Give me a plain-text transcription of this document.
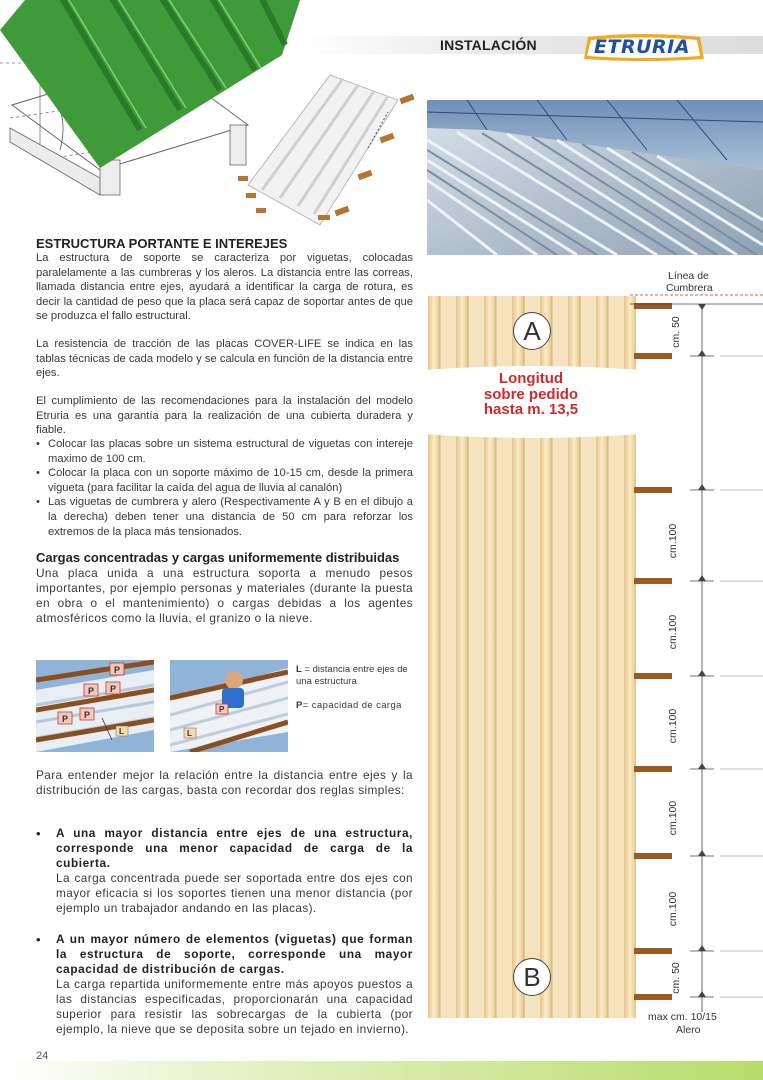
INSTALACIÓN	ETRURIA
ESTRUCTURA PORTANTE E INTEREJES
La estructura de soporte se caracteriza por viguetas, colocadas paralelamente a las cumbreras y los aleros. La distancia entre las correas, llamada distancia entre ejes, ayudará a identificar la carga de rotura, es decir la cantidad de peso que la placa será capaz de soportar antes de que se produzca el fallo estructural.
La resistencia de tracción de las placas COVER-LIFE se indica en las tablas técnicas de cada modelo y se calcula en función de la distancia entre ejes.
El cumplimiento de las recomendaciones para la instalación del modelo Etruria es una garantía para la realización de una cubierta duradera y fiable.
• Colocar las placas sobre un sistema estructural de viguetas con intereje maximo de 100 cm.
• Colocar la placa con un soporte máximo de 10-15 cm, desde la primera vigueta (para facilitar la caída del agua de lluvia al canalón)
• Las viguetas de cumbrera y alero (Respectivamente A y B en el dibujo a la derecha) deben tener una distancia de 50 cm para reforzar los extremos de la placa más tensionados.
Cargas concentradas y cargas uniformemente distribuidas
Una placa unida a una estructura soporta a menudo pesos importantes, por ejemplo personas y materiales (durante la puesta en obra o el mantenimiento) o cargas debidas a los agentes atmosféricos como la lluvia, el granizo o la nieve.
P
P P
P P
L
P
L
L = distancia entre ejes de una estructura
P= capacidad de carga
Para entender mejor la relación entre la distancia entre ejes y la distribución de las cargas, basta con recordar dos reglas simples:
• A una mayor distancia entre ejes de una estructura, corresponde una menor capacidad de carga de la cubierta.
La carga concentrada puede ser soportada entre dos ejes con mayor eficacia si los soportes tienen una menor distancia (por ejemplo un trabajador andando en las placas).
• A un mayor número de elementos (viguetas) que forman la estructura de soporte, corresponde una mayor capacidad de distribución de cargas.
La carga repartida uniformemente entre más apoyos puestos a las distancias especificadas, proporcionarán una capacidad superior para resistir las sobrecargas de la cubierta (por ejemplo, la nieve que se deposita sobre un tejado en invierno).
Línea de
Cumbrera
cm. 50
cm.100
cm.100
cm.100
cm.100
cm.100
cm. 50
A
B
Longitud
sobre pedido
hasta m. 13,5
max cm. 10/15
Alero
24
